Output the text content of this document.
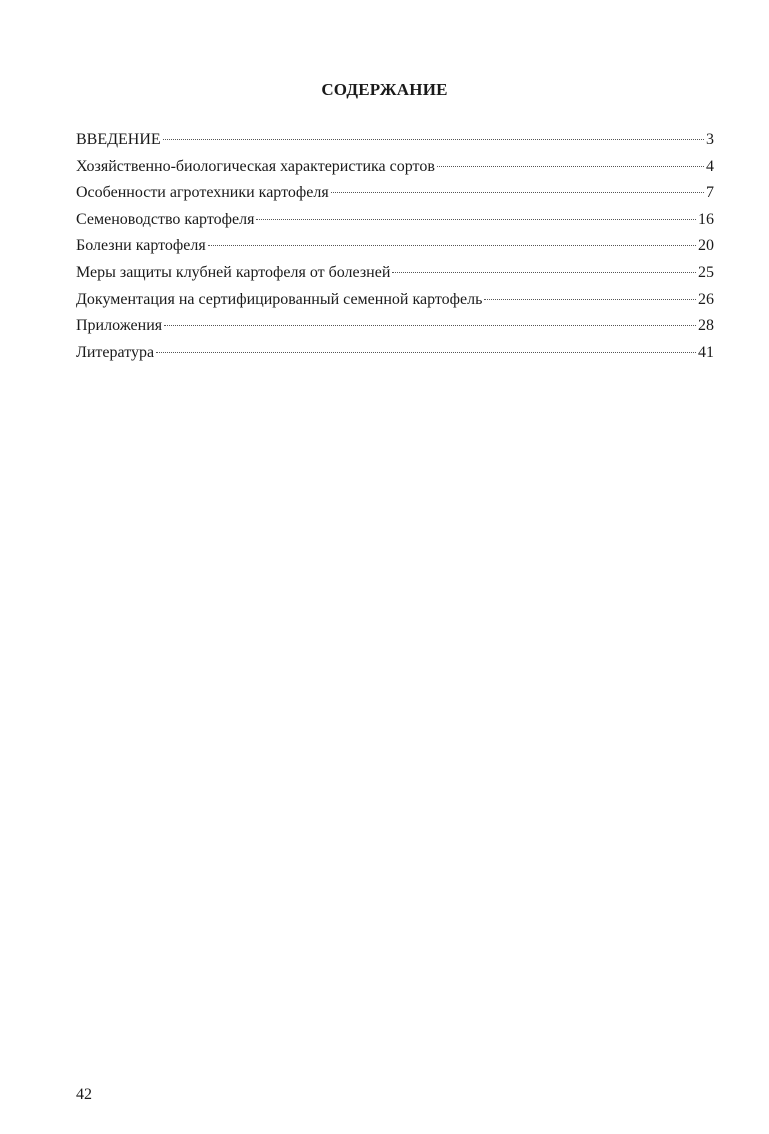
СОДЕРЖАНИЕ
ВВЕДЕНИЕ	3
Хозяйственно-биологическая характеристика сортов	4
Особенности агротехники картофеля	7
Семеноводство картофеля	16
Болезни картофеля	20
Меры защиты клубней картофеля от болезней	25
Документация на сертифицированный семенной картофель	26
Приложения	28
Литература	41
42
